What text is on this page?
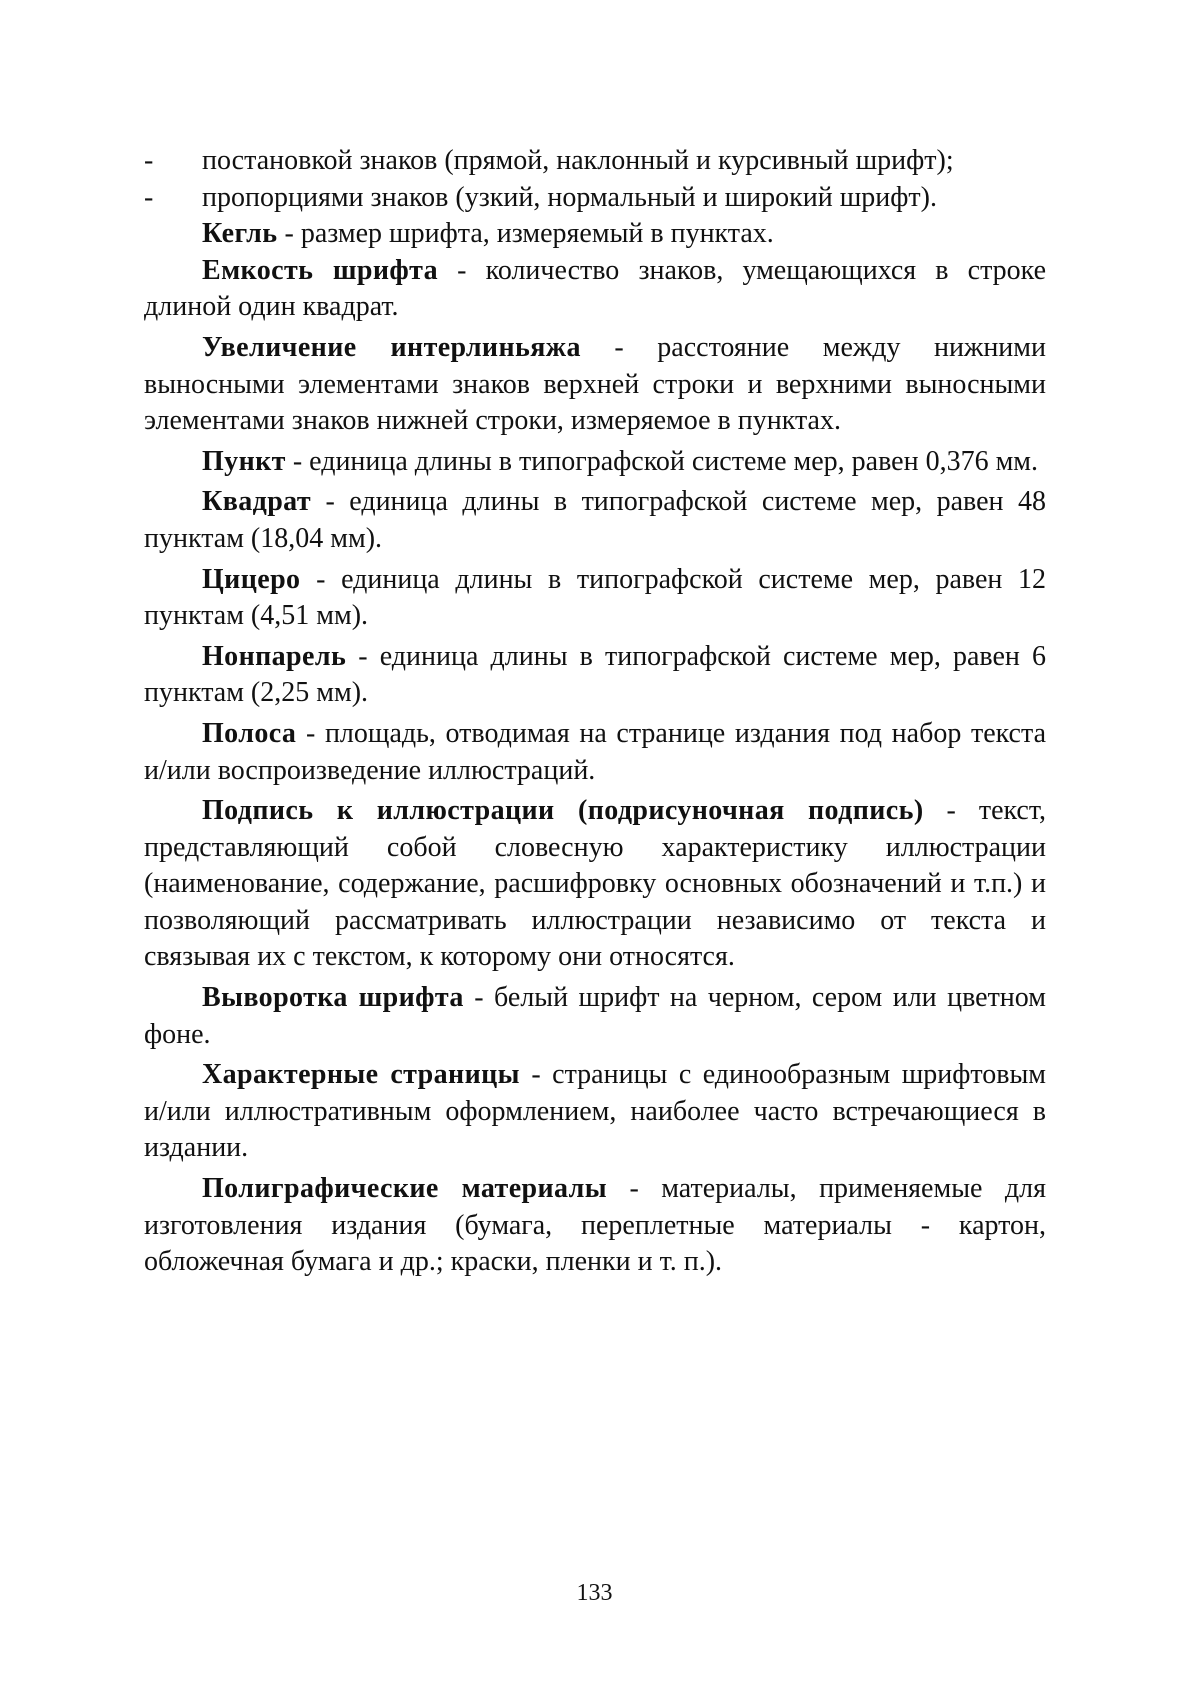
- постановкой знаков (прямой, наклонный и курсивный шрифт);

- пропорциями знаков (узкий, нормальный и широкий шрифт).

Кегль - размер шрифта, измеряемый в пунктах.

Емкость шрифта - количество знаков, умещающихся в строке длиной один квадрат.

Увеличение интерлиньяжа - расстояние между нижними выносными элементами знаков верхней строки и верхними выносными элементами знаков нижней строки, измеряемое в пунктах.

Пункт - единица длины в типографской системе мер, равен 0,376 мм.

Квадрат - единица длины в типографской системе мер, равен 48 пунктам (18,04 мм).

Цицеро - единица длины в типографской системе мер, равен 12 пунктам (4,51 мм).

Нонпарель - единица длины в типографской системе мер, равен 6 пунктам (2,25 мм).

Полоса - площадь, отводимая на странице издания под набор текста и/или воспроизведение иллюстраций.

Подпись к иллюстрации (подрисуночная подпись) - текст, представляющий собой словесную характеристику иллюстрации (наименование, содержание, расшифровку основных обозначений и т.п.) и позволяющий рассматривать иллюстрации независимо от текста и связывая их с текстом, к которому они относятся.

Выворотка шрифта - белый шрифт на черном, сером или цветном фоне.

Характерные страницы - страницы с единообразным шрифтовым и/или иллюстративным оформлением, наиболее часто встречающиеся в издании.

Полиграфические материалы - материалы, применяемые для изготовления издания (бумага, переплетные материалы - картон, обложечная бумага и др.; краски, пленки и т. п.).

133
